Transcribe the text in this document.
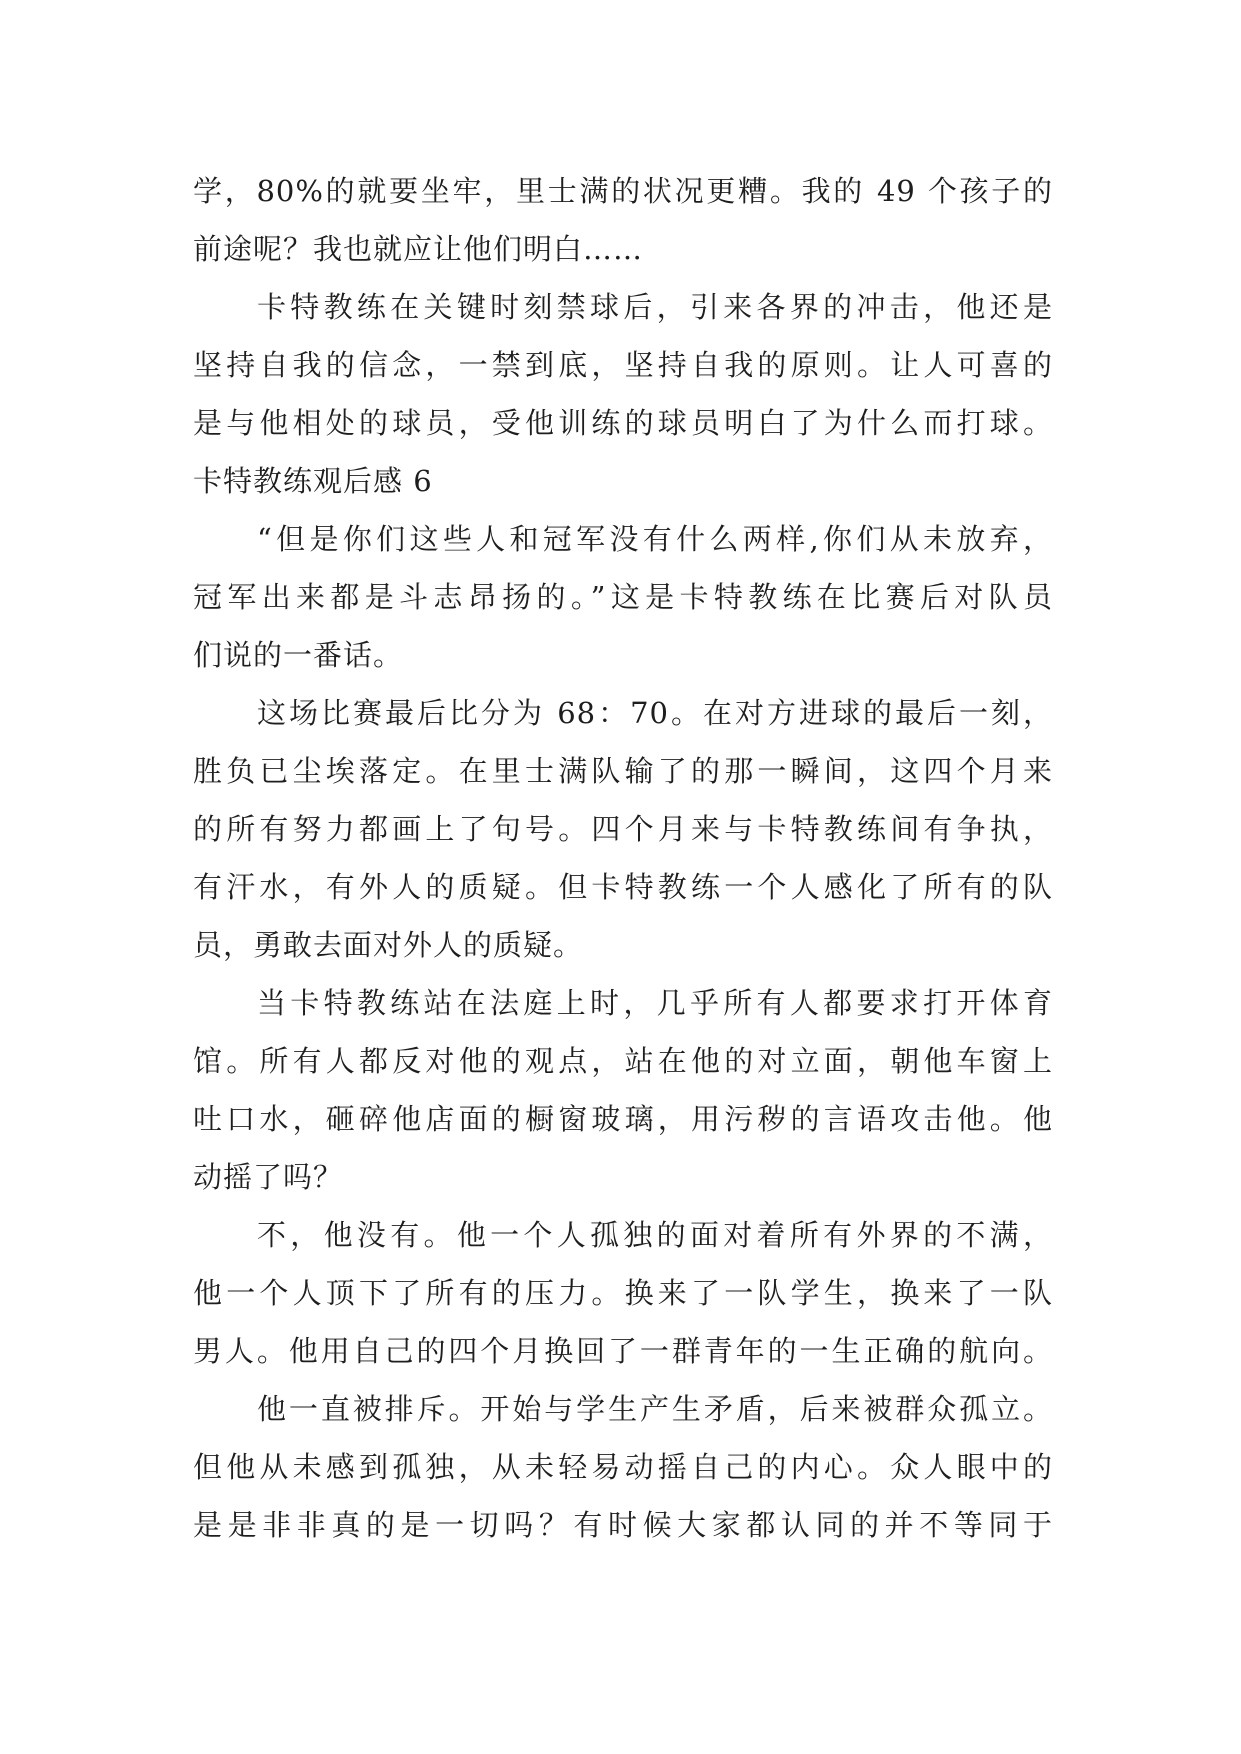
学，80%的就要坐牢，里士满的状况更糟。我的 49 个孩子的
前途呢？我也就应让他们明白……
卡特教练在关键时刻禁球后，引来各界的冲击，他还是
坚持自我的信念，一禁到底，坚持自我的原则。让人可喜的
是与他相处的球员，受他训练的球员明白了为什么而打球。
卡特教练观后感 6
“但是你们这些人和冠军没有什么两样,你们从未放弃，
冠军出来都是斗志昂扬的。”这是卡特教练在比赛后对队员
们说的一番话。
这场比赛最后比分为 68：70。在对方进球的最后一刻，
胜负已尘埃落定。在里士满队输了的那一瞬间，这四个月来
的所有努力都画上了句号。四个月来与卡特教练间有争执，
有汗水，有外人的质疑。但卡特教练一个人感化了所有的队
员，勇敢去面对外人的质疑。
当卡特教练站在法庭上时，几乎所有人都要求打开体育
馆。所有人都反对他的观点，站在他的对立面，朝他车窗上
吐口水，砸碎他店面的橱窗玻璃，用污秽的言语攻击他。他
动摇了吗？
不，他没有。他一个人孤独的面对着所有外界的不满，
他一个人顶下了所有的压力。换来了一队学生，换来了一队
男人。他用自己的四个月换回了一群青年的一生正确的航向。
他一直被排斥。开始与学生产生矛盾，后来被群众孤立。
但他从未感到孤独，从未轻易动摇自己的内心。众人眼中的
是是非非真的是一切吗？有时候大家都认同的并不等同于
